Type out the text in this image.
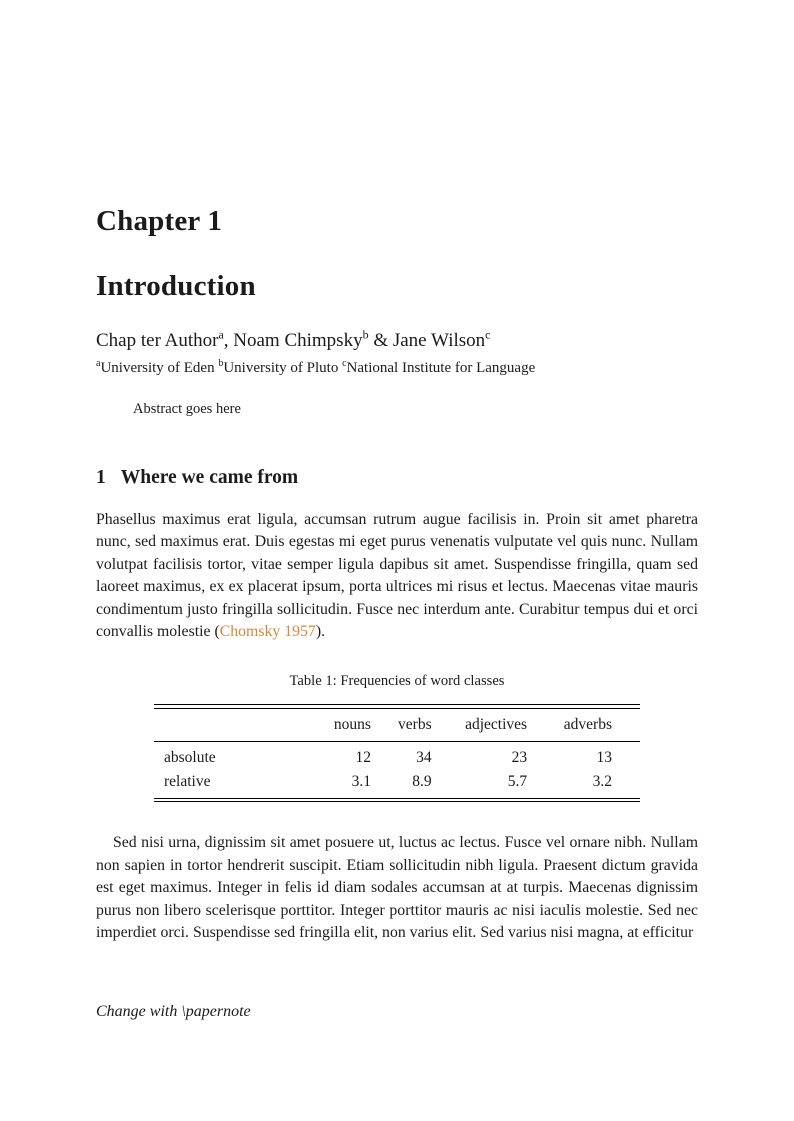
Chapter 1
Introduction
Chap ter Author$^a$, Noam Chimpsky$^b$ & Jane Wilson$^c$
$^a$University of Eden $^b$University of Pluto $^c$National Institute for Language
Abstract goes here
1 Where we came from

Phasellus maximus erat ligula, accumsan rutrum augue facilisis in. Proin sit amet pharetra nunc, sed maximus erat. Duis egestas mi eget purus venenatis vulputate vel quis nunc. Nullam volutpat facilisis tortor, vitae semper ligula dapibus sit amet. Suspendisse fringilla, quam sed laoreet maximus, ex ex placerat ipsum, porta ultrices mi risus et lectus. Maecenas vitae mauris condimentum justo fringilla sollicitudin. Fusce nec interdum ante. Curabitur tempus dui et orci convallis molestie (Chomsky 1957).

Table 1: Frequencies of word classes
	nouns	verbs	adjectives	adverbs
absolute	12	34	23	13
relative	3.1	8.9	5.7	3.2

Sed nisi urna, dignissim sit amet posuere ut, luctus ac lectus. Fusce vel ornare nibh. Nullam non sapien in tortor hendrerit suscipit. Etiam sollicitudin nibh ligula. Praesent dictum gravida est eget maximus. Integer in felis id diam sodales accumsan at at turpis. Maecenas dignissim purus non libero scelerisque porttitor. Integer porttitor mauris ac nisi iaculis molestie. Sed nec imperdiet orci. Suspendisse sed fringilla elit, non varius elit. Sed varius nisi magna, at efficitur

Change with \papernote
